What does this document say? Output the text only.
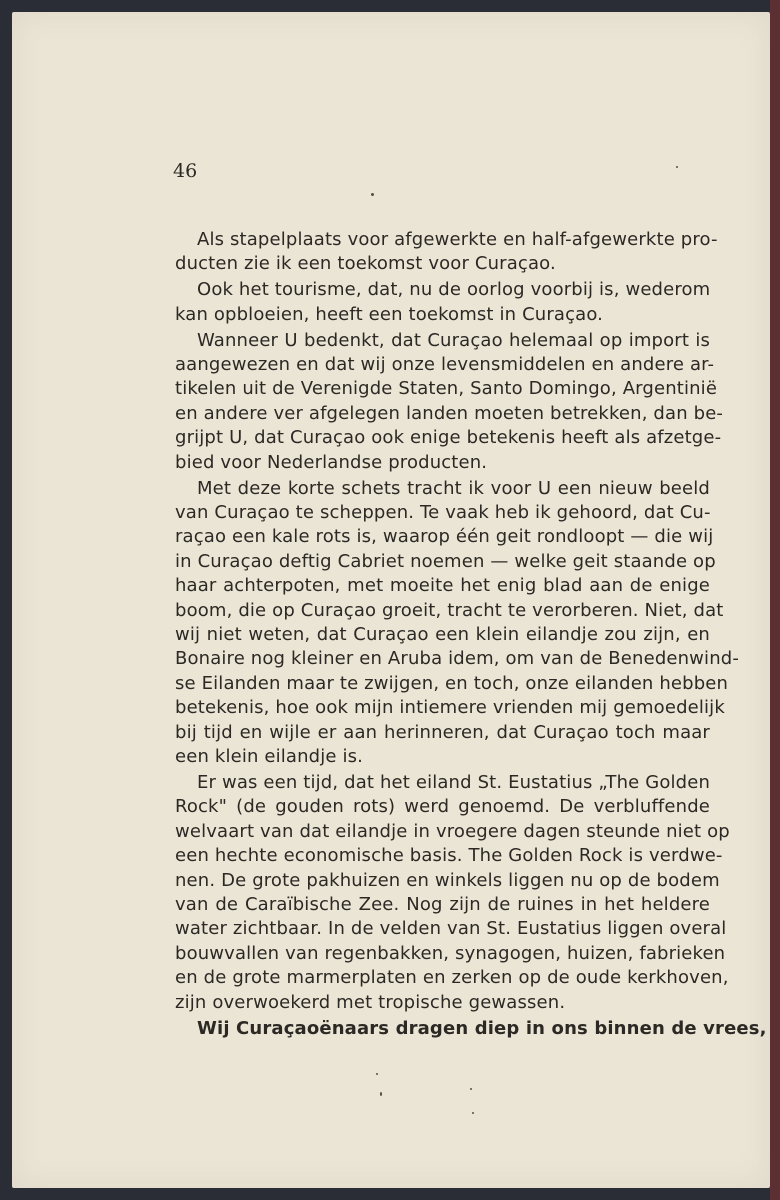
46

Als stapelplaats voor afgewerkte en half-afgewerkte pro-
ducten zie ik een toekomst voor Curaçao.

Ook het tourisme, dat, nu de oorlog voorbij is, wederom
kan opbloeien, heeft een toekomst in Curaçao.

Wanneer U bedenkt, dat Curaçao helemaal op import is
aangewezen en dat wij onze levensmiddelen en andere ar-
tikelen uit de Verenigde Staten, Santo Domingo, Argentinië
en andere ver afgelegen landen moeten betrekken, dan be-
grijpt U, dat Curaçao ook enige betekenis heeft als afzetge-
bied voor Nederlandse producten.

Met deze korte schets tracht ik voor U een nieuw beeld
van Curaçao te scheppen. Te vaak heb ik gehoord, dat Cu-
raçao een kale rots is, waarop één geit rondloopt — die wij
in Curaçao deftig Cabriet noemen — welke geit staande op
haar achterpoten, met moeite het enig blad aan de enige
boom, die op Curaçao groeit, tracht te verorberen. Niet, dat
wij niet weten, dat Curaçao een klein eilandje zou zijn, en
Bonaire nog kleiner en Aruba idem, om van de Benedenwind-
se Eilanden maar te zwijgen, en toch, onze eilanden hebben
betekenis, hoe ook mijn intiemere vrienden mij gemoedelijk
bij tijd en wijle er aan herinneren, dat Curaçao toch maar
een klein eilandje is.

Er was een tijd, dat het eiland St. Eustatius „The Golden
Rock" (de gouden rots) werd genoemd. De verbluffende
welvaart van dat eilandje in vroegere dagen steunde niet op
een hechte economische basis. The Golden Rock is verdwe-
nen. De grote pakhuizen en winkels liggen nu op de bodem
van de Caraïbische Zee. Nog zijn de ruines in het heldere
water zichtbaar. In de velden van St. Eustatius liggen overal
bouwvallen van regenbakken, synagogen, huizen, fabrieken
en de grote marmerplaten en zerken op de oude kerkhoven,
zijn overwoekerd met tropische gewassen.

Wij Curaçaoënaars dragen diep in ons binnen de vrees,
